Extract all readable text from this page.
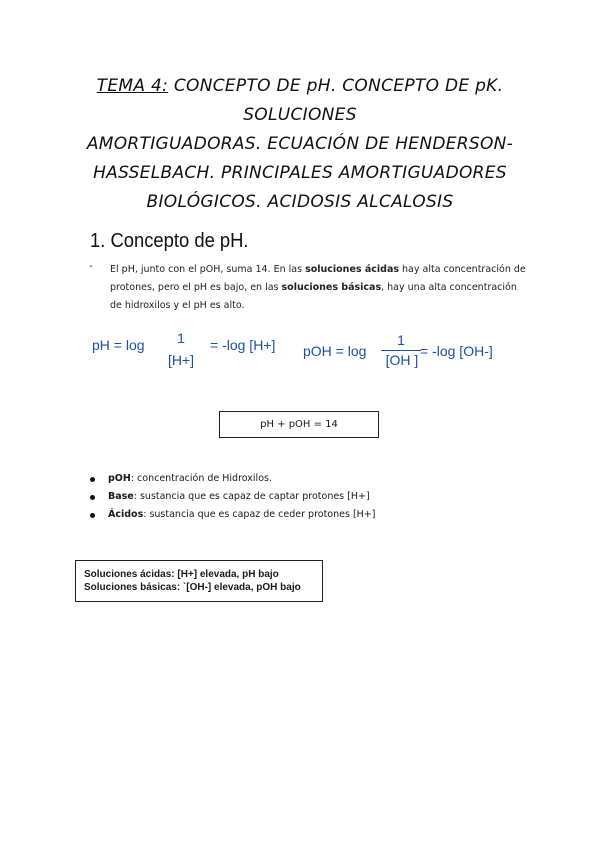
TEMA 4: CONCEPTO DE pH. CONCEPTO DE pK. SOLUCIONES
AMORTIGUADORAS. ECUACIÓN DE HENDERSON-
HASSELBACH. PRINCIPALES AMORTIGUADORES
BIOLÓGICOS. ACIDOSIS ALCALOSIS
1. Concepto de pH.
- El pH, junto con el pOH, suma 14. En las soluciones ácidas hay alta concentración de protones, pero el pH es bajo, en las soluciones básicas, hay una alta concentración de hidroxilos y el pH es alto.
pH = log	1
[H+]
= -log [H+] pOH = log
1
[OH ]
= -log [OH-]
pH + pOH = 14
pOH: concentración de Hidroxilos.
Base: sustancia que es capaz de captar protones [H+]
Ácidos: sustancia que es capaz de ceder protones [H+]
Soluciones ácidas: [H+] elevada, pH bajo
Soluciones básicas: `[OH-] elevada, pOH bajo
